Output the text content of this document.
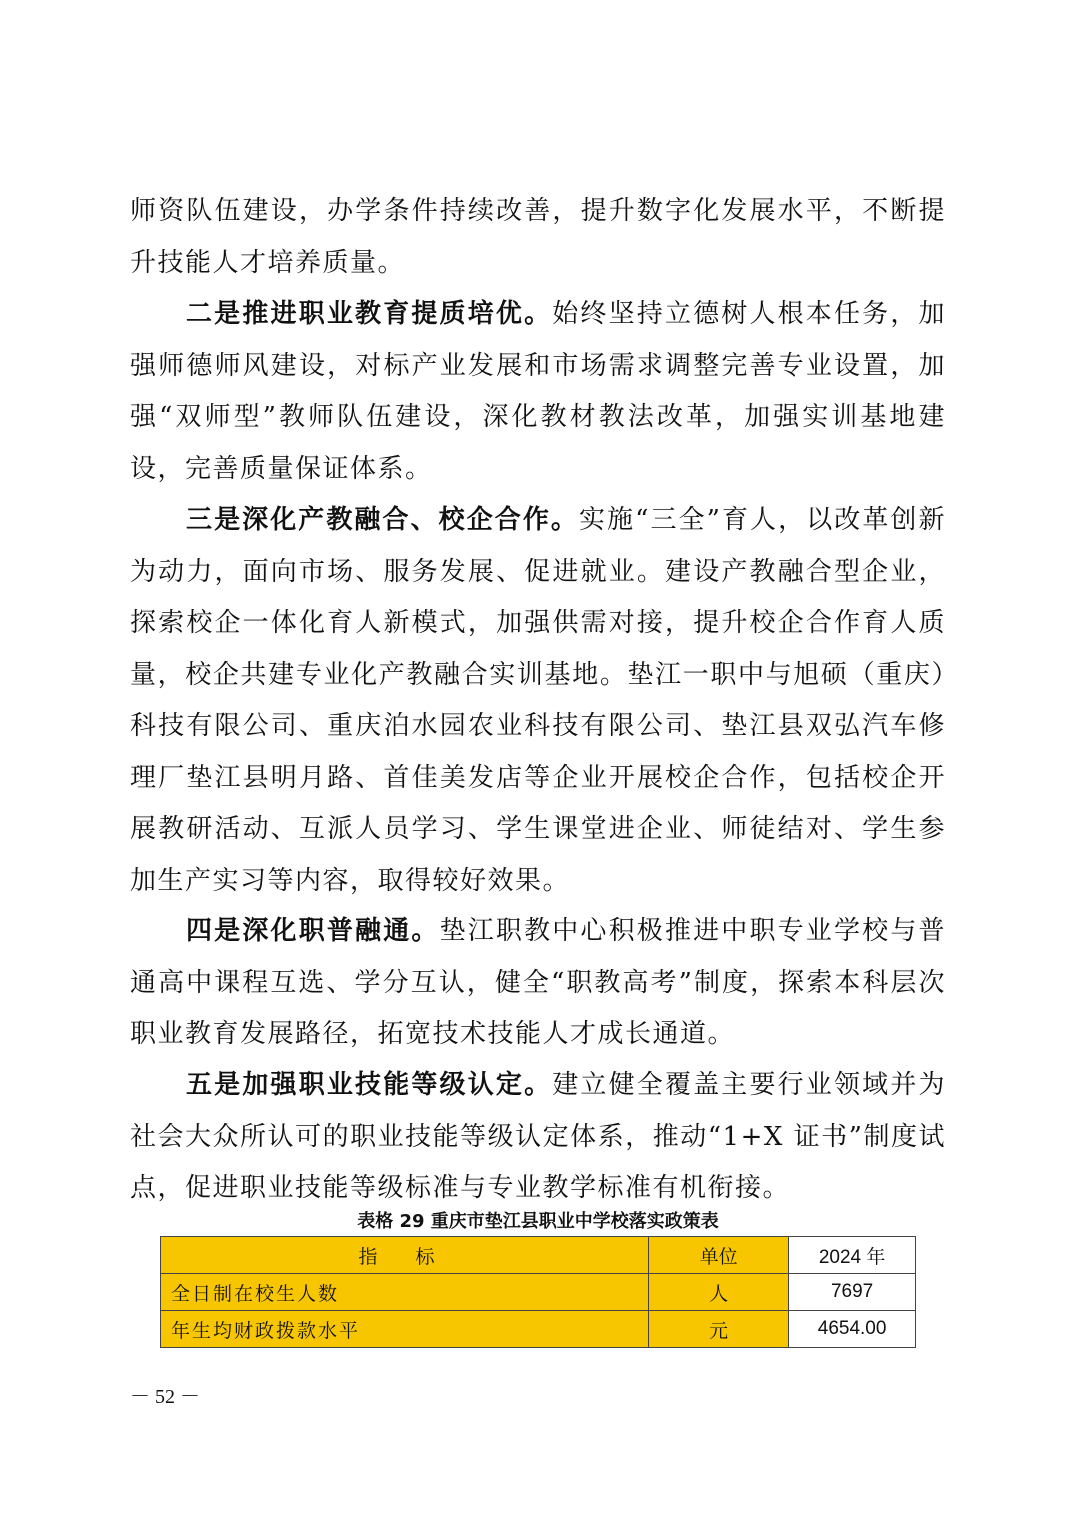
师资队伍建设，办学条件持续改善，提升数字化发展水平，不断提升技能人才培养质量。

二是推进职业教育提质培优。始终坚持立德树人根本任务，加强师德师风建设，对标产业发展和市场需求调整完善专业设置，加强“双师型”教师队伍建设，深化教材教法改革，加强实训基地建设，完善质量保证体系。

三是深化产教融合、校企合作。实施“三全”育人，以改革创新为动力，面向市场、服务发展、促进就业。建设产教融合型企业，探索校企一体化育人新模式，加强供需对接，提升校企合作育人质量，校企共建专业化产教融合实训基地。垫江一职中与旭硕（重庆）科技有限公司、重庆泊水园农业科技有限公司、垫江县双弘汽车修理厂垫江县明月路、首佳美发店等企业开展校企合作，包括校企开展教研活动、互派人员学习、学生课堂进企业、师徒结对、学生参加生产实习等内容，取得较好效果。

四是深化职普融通。垫江职教中心积极推进中职专业学校与普通高中课程互选、学分互认，健全“职教高考”制度，探索本科层次职业教育发展路径，拓宽技术技能人才成长通道。

五是加强职业技能等级认定。建立健全覆盖主要行业领域并为社会大众所认可的职业技能等级认定体系，推动“1+X 证书”制度试点，促进职业技能等级标准与专业教学标准有机衔接。

表格 29 重庆市垫江县职业中学校落实政策表
指 标	单位	2024 年
全日制在校生人数	人	7697
年生均财政拨款水平	元	4654.00
－ 52 －
